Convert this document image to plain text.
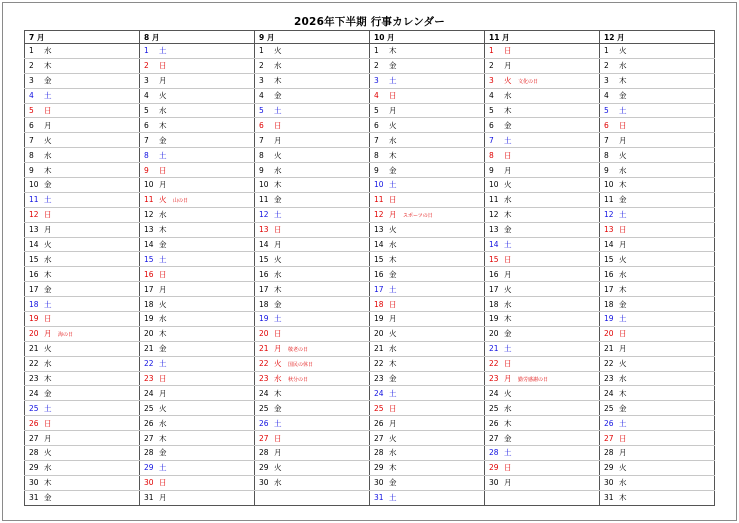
2026年下半期 行事カレンダー
7 月	8 月	9 月	10 月	11 月	12 月
1 水	1 土	1 火	1 木	1 日	1 火
2 木	2 日	2 水	2 金	2 月	2 水
3 金	3 月	3 木	3 土	3 火 文化の日	3 木
4 土	4 火	4 金	4 日	4 水	4 金
5 日	5 水	5 土	5 月	5 木	5 土
6 月	6 木	6 日	6 火	6 金	6 日
7 火	7 金	7 月	7 水	7 土	7 月
8 水	8 土	8 火	8 木	8 日	8 火
9 木	9 日	9 水	9 金	9 月	9 水
10 金	10 月	10 木	10 土	10 火	10 木
11 土	11 火 山の日	11 金	11 日	11 水	11 金
12 日	12 水	12 土	12 月 スポーツの日	12 木	12 土
13 月	13 木	13 日	13 火	13 金	13 日
14 火	14 金	14 月	14 水	14 土	14 月
15 水	15 土	15 火	15 木	15 日	15 火
16 木	16 日	16 水	16 金	16 月	16 水
17 金	17 月	17 木	17 土	17 火	17 木
18 土	18 火	18 金	18 日	18 水	18 金
19 日	19 水	19 土	19 月	19 木	19 土
20 月 海の日	20 木	20 日	20 火	20 金	20 日
21 火	21 金	21 月 敬老の日	21 水	21 土	21 月
22 水	22 土	22 火 国民の休日	22 木	22 日	22 火
23 木	23 日	23 水 秋分の日	23 金	23 月 勤労感謝の日	23 水
24 金	24 月	24 木	24 土	24 火	24 木
25 土	25 火	25 金	25 日	25 水	25 金
26 日	26 水	26 土	26 月	26 木	26 土
27 月	27 木	27 日	27 火	27 金	27 日
28 火	28 金	28 月	28 水	28 土	28 月
29 水	29 土	29 火	29 木	29 日	29 火
30 木	30 日	30 水	30 金	30 月	30 水
31 金	31 月		31 土		31 木
